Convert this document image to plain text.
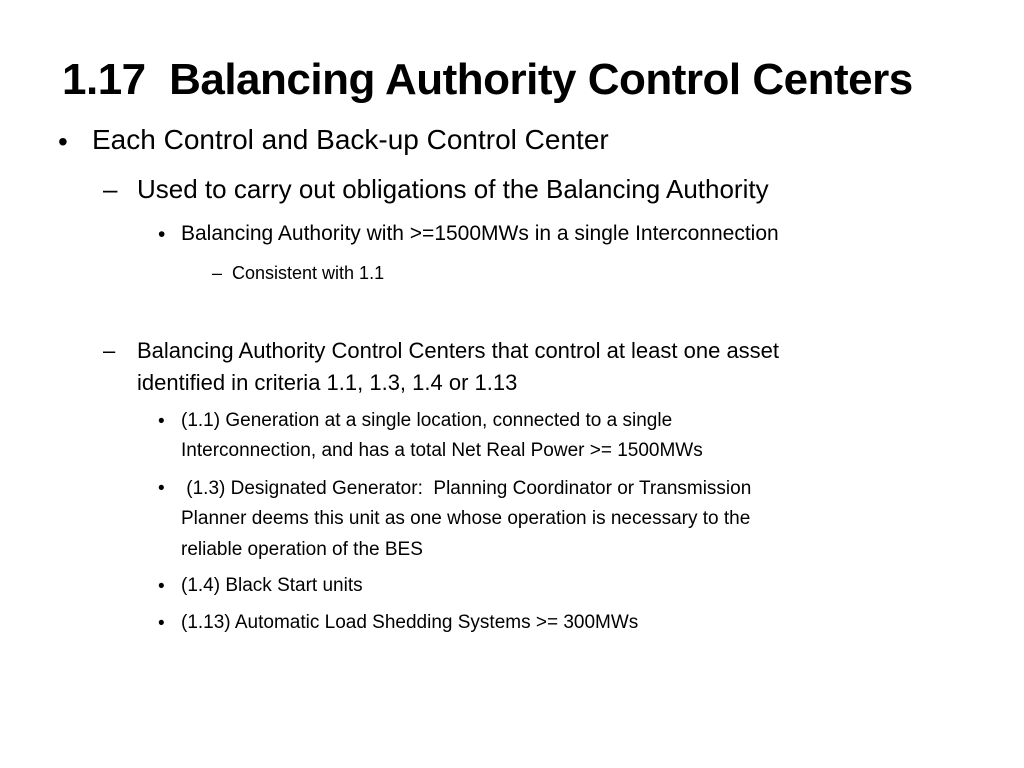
1.17  Balancing Authority Control Centers
• Each Control and Back-up Control Center
– Used to carry out obligations of the Balancing Authority
• Balancing Authority with >=1500MWs in a single Interconnection
– Consistent with 1.1
– Balancing Authority Control Centers that control at least one asset
identified in criteria 1.1, 1.3, 1.4 or 1.13
• (1.1) Generation at a single location, connected to a single
Interconnection, and has a total Net Real Power >= 1500MWs
• (1.3) Designated Generator:  Planning Coordinator or Transmission
Planner deems this unit as one whose operation is necessary to the
reliable operation of the BES
• (1.4) Black Start units
• (1.13) Automatic Load Shedding Systems >= 300MWs
